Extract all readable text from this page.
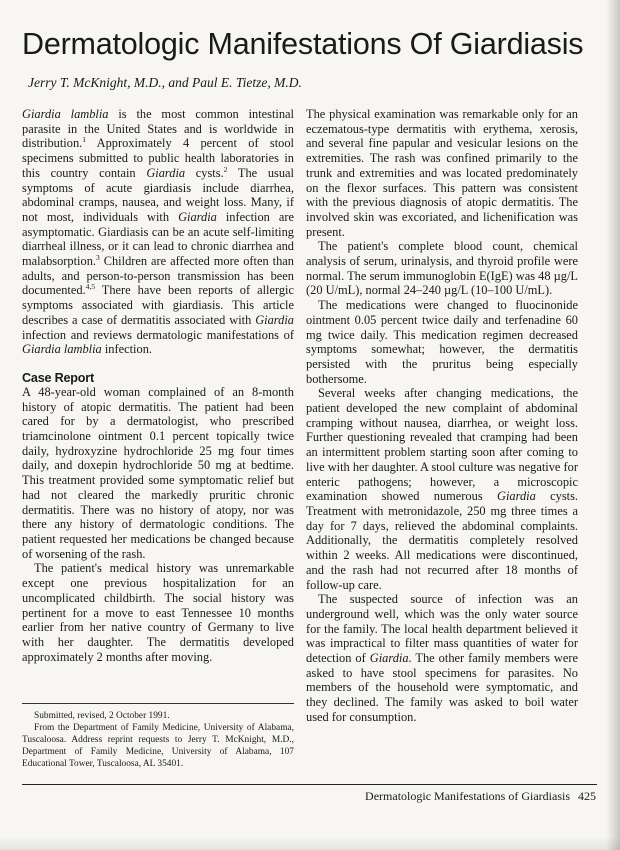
Dermatologic Manifestations Of Giardiasis

Jerry T. McKnight, M.D., and Paul E. Tietze, M.D.

Giardia lamblia is the most common intestinal parasite in the United States and is worldwide in distribution.$^1$ Approximately 4 percent of stool specimens submitted to public health laboratories in this country contain Giardia cysts.$^2$ The usual symptoms of acute giardiasis include diarrhea, abdominal cramps, nausea, and weight loss. Many, if not most, individuals with Giardia infection are asymptomatic. Giardiasis can be an acute self-limiting diarrheal illness, or it can lead to chronic diarrhea and malabsorption.$^3$ Children are affected more often than adults, and person-to-person transmission has been documented.$^{4,5}$ There have been reports of allergic symptoms associated with giardiasis. This article describes a case of dermatitis associated with Giardia infection and reviews dermatologic manifestations of Giardia lamblia infection.

Case Report

A 48-year-old woman complained of an 8-month history of atopic dermatitis. The patient had been cared for by a dermatologist, who prescribed triamcinolone ointment 0.1 percent topically twice daily, hydroxyzine hydrochloride 25 mg four times daily, and doxepin hydrochloride 50 mg at bedtime. This treatment provided some symptomatic relief but had not cleared the markedly pruritic chronic dermatitis. There was no history of atopy, nor was there any history of dermatologic conditions. The patient requested her medications be changed because of worsening of the rash.

The patient's medical history was unremarkable except one previous hospitalization for an uncomplicated childbirth. The social history was pertinent for a move to east Tennessee 10 months earlier from her native country of Germany to live with her daughter. The dermatitis developed approximately 2 months after moving.

Submitted, revised, 2 October 1991.

From the Department of Family Medicine, University of Alabama, Tuscaloosa. Address reprint requests to Jerry T. McKnight, M.D., Department of Family Medicine, University of Alabama, 107 Educational Tower, Tuscaloosa, AL 35401.

The physical examination was remarkable only for an eczematous-type dermatitis with erythema, xerosis, and several fine papular and vesicular lesions on the extremities. The rash was confined primarily to the trunk and extremities and was located predominately on the flexor surfaces. This pattern was consistent with the previous diagnosis of atopic dermatitis. The involved skin was excoriated, and lichenification was present.

The patient's complete blood count, chemical analysis of serum, urinalysis, and thyroid profile were normal. The serum immunoglobin E(IgE) was 48 µg/L (20 U/mL), normal 24–240 µg/L (10–100 U/mL).

The medications were changed to fluocinonide ointment 0.05 percent twice daily and terfenadine 60 mg twice daily. This medication regimen decreased symptoms somewhat; however, the dermatitis persisted with the pruritus being especially bothersome.

Several weeks after changing medications, the patient developed the new complaint of abdominal cramping without nausea, diarrhea, or weight loss. Further questioning revealed that cramping had been an intermittent problem starting soon after coming to live with her daughter. A stool culture was negative for enteric pathogens; however, a microscopic examination showed numerous Giardia cysts. Treatment with metronidazole, 250 mg three times a day for 7 days, relieved the abdominal complaints. Additionally, the dermatitis completely resolved within 2 weeks. All medications were discontinued, and the rash had not recurred after 18 months of follow-up care.

The suspected source of infection was an underground well, which was the only water source for the family. The local health department believed it was impractical to filter mass quantities of water for detection of Giardia. The other family members were asked to have stool specimens for parasites. No members of the household were symptomatic, and they declined. The family was asked to boil water used for consumption.

Dermatologic Manifestations of Giardiasis 425
